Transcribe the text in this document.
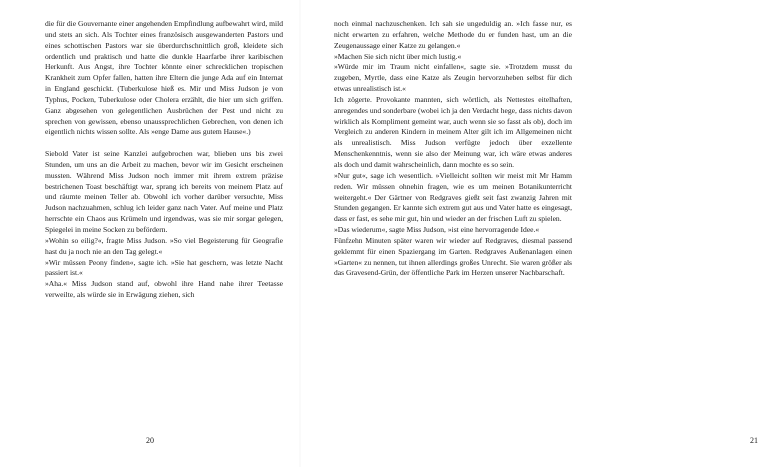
die für die Gouvernante einer angehenden Empfindlung aufbewahrt wird, mild und stets an sich. Als Tochter eines französisch ausgewanderten Pastors und eines schottischen Pastors war sie überdurchschnittlich groß, kleidete sich ordentlich und praktisch und hatte die dunkle Haarfarbe ihrer karibischen Herkunft. Aus Angst, ihre Tochter könnte einer schrecklichen tropischen Krankheit zum Opfer fallen, hatten ihre Eltern die junge Ada auf ein Internat in England geschickt. (Tuberkulose hieß es. Mir und Miss Judson je von Typhus, Pocken, Tuberkulose oder Cholera erzählt, die hier um sich griffen. Ganz abgesehen von gelegentlichen Ausbrüchen der Pest und nicht zu sprechen von gewissen, ebenso unaussprechlichen Gebrechen, von denen ich eigentlich nichts wissen sollte. Als »enge Dame aus gutem Hause«.)

Siebold Vater ist seine Kanzlei aufgebrochen war, blieben uns bis zwei Stunden, um uns an die Arbeit zu machen, bevor wir im Gesicht erscheinen mussten. Während Miss Judson noch immer mit ihrem extrem präzise bestrichenen Toast beschäftigt war, sprang ich bereits von meinem Platz auf und räumte meinen Teller ab. Obwohl ich vorher darüber versuchte, Miss Judson nachzuahmen, schlug ich leider ganz nach Vater. Auf meine und Platz herrschte ein Chaos aus Krümeln und irgendwas, was sie mir sorgar gelegen, Spiegelei in meine Socken zu befördern.

»Wohin so eilig?«, fragte Miss Judson. »So viel Begeisterung für Geografie hast du ja noch nie an den Tag gelegt.«

»Wir müssen Peony finden«, sagte ich. »Sie hat geschern, was letzte Nacht passiert ist.«

»Aha.« Miss Judson stand auf, obwohl ihre Hand nahe ihrer Teetasse verweilte, als würde sie in Erwägung ziehen, sich

20	21

noch einmal nachzuschenken. Ich sah sie ungeduldig an. »Ich fasse nur, es nicht erwarten zu erfahren, welche Methode du er funden hast, um an die Zeugenaussage einer Katze zu gelangen.«

»Machen Sie sich nicht über mich lustig.«

»Würde mir im Traum nicht einfallen«, sagte sie. »Trotzdem musst du zugeben, Myrtle, dass eine Katze als Zeugin hervorzuheben selbst für dich etwas unrealistisch ist.«

Ich zögerte. Provokante mannten, sich wörtlich, als Nettestes eitelhaften, anregendes und sonderbare (wobei ich ja den Verdacht hege, dass nichts davon wirklich als Kompliment gemeint war, auch wenn sie so fasst als ob), doch im Vergleich zu anderen Kindern in meinem Alter gilt ich im Allgemeinen nicht als unrealistisch. Miss Judson verfügte jedoch über exzellente Menschenkenntnis, wenn sie also der Meinung war, ich wäre etwas anderes als doch und damit wahrscheinlich, dann mochte es so sein.

»Nur gut«, sage ich wesentlich. »Vielleicht sollten wir meist mit Mr Hamm reden. Wir müssen ohnehin fragen, wie es um meinen Botanikunterricht weitergeht.« Der Gärtner von Redgraves gießt seit fast zwanzig Jahren mit Stunden gegangen. Er kannte sich extrem gut aus und Vater hatte es eingesagt, dass er fast, es sehe mir gut, hin und wieder an der frischen Luft zu spielen.

»Das wiederum«, sagte Miss Judson, »ist eine hervorragende Idee.«

Fünfzehn Minuten später waren wir wieder auf Redgraves, diesmal passend geklemmt für einen Spaziergang im Garten. Redgraves Außenanlagen einen »Garten« zu nennen, tut ihnen allerdings großes Unrecht. Sie waren größer als das Gravesend-Grün, der öffentliche Park im Herzen unserer Nachbarschaft.
